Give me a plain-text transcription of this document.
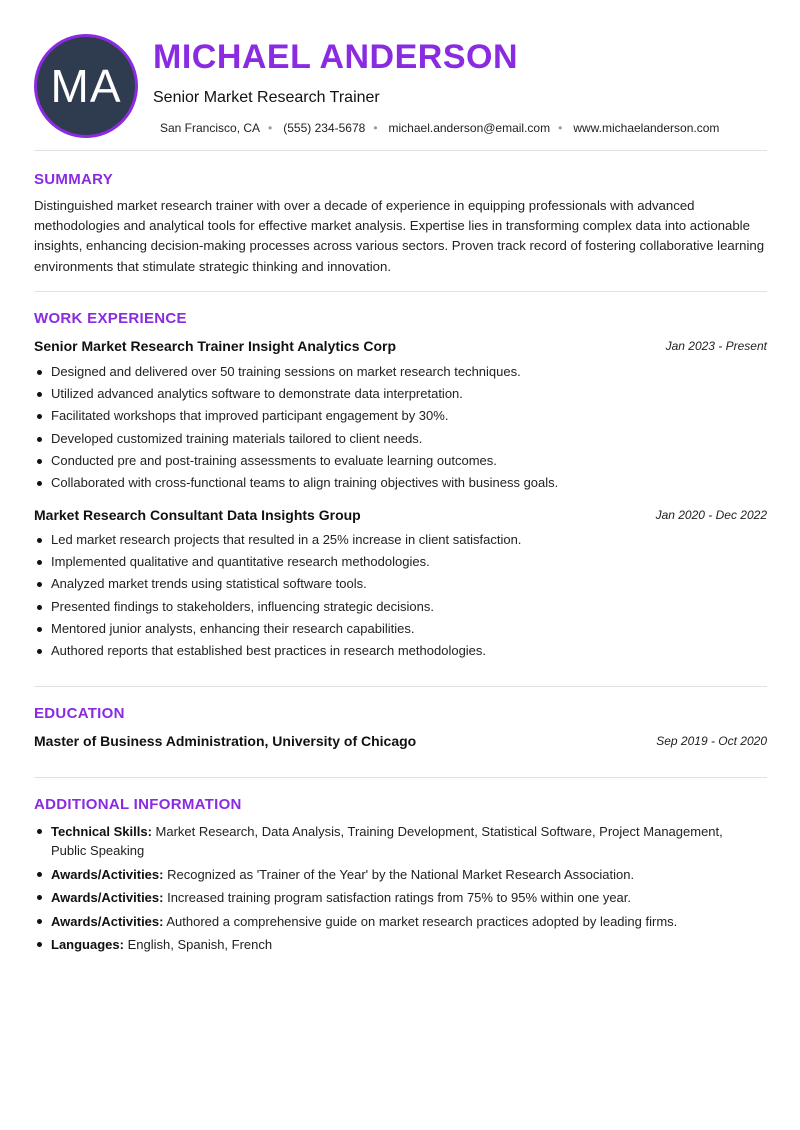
MA
MICHAEL ANDERSON
Senior Market Research Trainer
San Francisco, CA • (555) 234-5678 • michael.anderson@email.com • www.michaelanderson.com
SUMMARY
Distinguished market research trainer with over a decade of experience in equipping professionals with advanced methodologies and analytical tools for effective market analysis. Expertise lies in transforming complex data into actionable insights, enhancing decision-making processes across various sectors. Proven track record of fostering collaborative learning environments that stimulate strategic thinking and innovation.
WORK EXPERIENCE
Senior Market Research Trainer Insight Analytics Corp	Jan 2023 - Present
Designed and delivered over 50 training sessions on market research techniques.
Utilized advanced analytics software to demonstrate data interpretation.
Facilitated workshops that improved participant engagement by 30%.
Developed customized training materials tailored to client needs.
Conducted pre and post-training assessments to evaluate learning outcomes.
Collaborated with cross-functional teams to align training objectives with business goals.
Market Research Consultant Data Insights Group	Jan 2020 - Dec 2022
Led market research projects that resulted in a 25% increase in client satisfaction.
Implemented qualitative and quantitative research methodologies.
Analyzed market trends using statistical software tools.
Presented findings to stakeholders, influencing strategic decisions.
Mentored junior analysts, enhancing their research capabilities.
Authored reports that established best practices in research methodologies.
EDUCATION
Master of Business Administration, University of Chicago	Sep 2019 - Oct 2020
ADDITIONAL INFORMATION
Technical Skills: Market Research, Data Analysis, Training Development, Statistical Software, Project Management, Public Speaking
Awards/Activities: Recognized as 'Trainer of the Year' by the National Market Research Association.
Awards/Activities: Increased training program satisfaction ratings from 75% to 95% within one year.
Awards/Activities: Authored a comprehensive guide on market research practices adopted by leading firms.
Languages: English, Spanish, French
